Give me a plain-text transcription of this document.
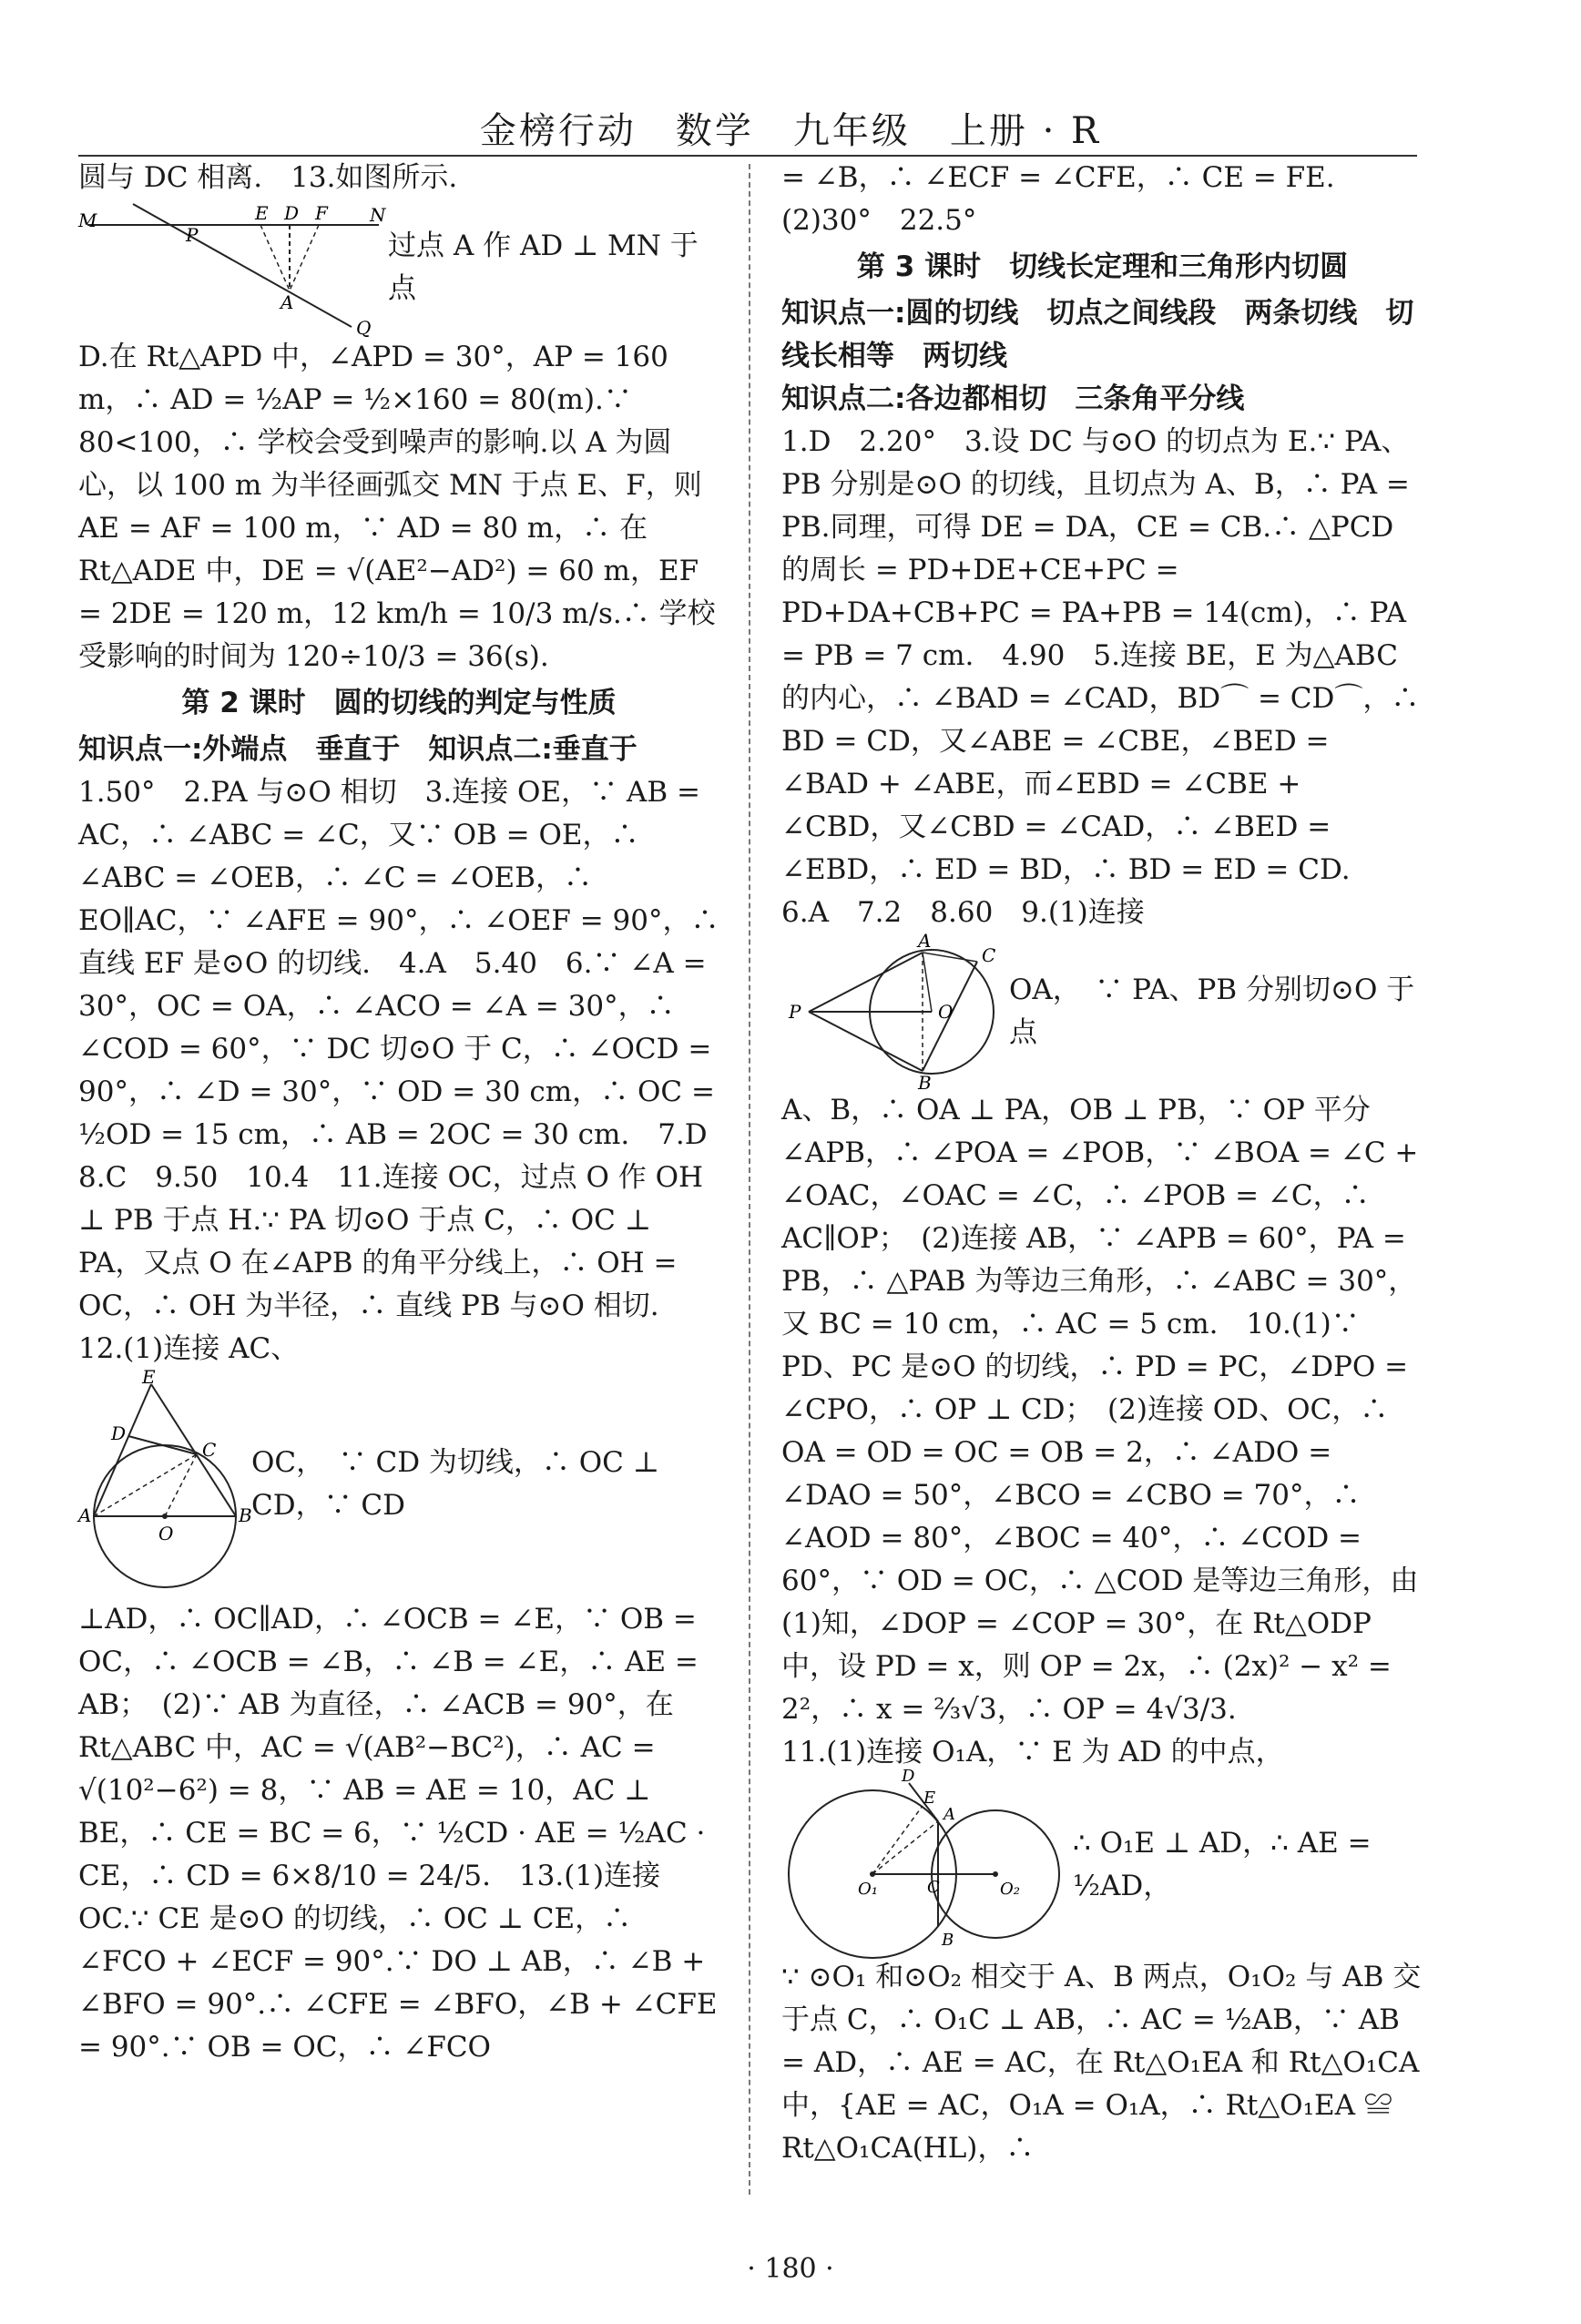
金榜行动　数学　九年级　上册 · R

圆与 DC 相离.　13.如图所示.

M	N
P
E D F
A
Q
过点 A 作 AD ⊥ MN 于点

D.在 Rt△APD 中，∠APD = 30°，AP = 160 m，∴ AD = ½AP = ½×160 = 80(m).∵ 80<100，∴ 学校会受到噪声的影响.以 A 为圆心，以 100 m 为半径画弧交 MN 于点 E、F，则 AE = AF = 100 m，∵ AD = 80 m，∴ 在 Rt△ADE 中，DE = √(AE²−AD²) = 60 m，EF = 2DE = 120 m，12 km/h = 10/3 m/s.∴ 学校受影响的时间为 120÷10/3 = 36(s).

第 2 课时　圆的切线的判定与性质

知识点一:外端点　垂直于　知识点二:垂直于

1.50°　2.PA 与⊙O 相切　3.连接 OE，∵ AB = AC，∴ ∠ABC = ∠C，又∵ OB = OE，∴ ∠ABC = ∠OEB，∴ ∠C = ∠OEB，∴ EO∥AC，∵ ∠AFE = 90°，∴ ∠OEF = 90°，∴ 直线 EF 是⊙O 的切线.　4.A　5.40　6.∵ ∠A = 30°，OC = OA，∴ ∠ACO = ∠A = 30°，∴ ∠COD = 60°，∵ DC 切⊙O 于 C，∴ ∠OCD = 90°，∴ ∠D = 30°，∵ OD = 30 cm，∴ OC = ½OD = 15 cm，∴ AB = 2OC = 30 cm.　7.D　8.C　9.50　10.4　11.连接 OC，过点 O 作 OH ⊥ PB 于点 H.∵ PA 切⊙O 于点 C，∴ OC ⊥ PA，又点 O 在∠APB 的角平分线上，∴ OH = OC，∴ OH 为半径，∴ 直线 PB 与⊙O 相切.　12.(1)连接 AC、

E
D
C
A	B
O
OC，　∵ CD 为切线，∴ OC ⊥ CD，∵ CD

⊥AD，∴ OC∥AD，∴ ∠OCB = ∠E，∵ OB = OC，∴ ∠OCB = ∠B，∴ ∠B = ∠E，∴ AE = AB；　(2)∵ AB 为直径，∴ ∠ACB = 90°，在 Rt△ABC 中，AC = √(AB²−BC²)，∴ AC = √(10²−6²) = 8，∵ AB = AE = 10，AC ⊥ BE，∴ CE = BC = 6，∵ ½CD · AE = ½AC · CE，∴ CD = 6×8/10 = 24/5.　13.(1)连接 OC.∵ CE 是⊙O 的切线，∴ OC ⊥ CE，∴ ∠FCO + ∠ECF = 90°.∵ DO ⊥ AB，∴ ∠B + ∠BFO = 90°.∴ ∠CFE = ∠BFO，∠B + ∠CFE = 90°.∵ OB = OC，∴ ∠FCO

= ∠B，∴ ∠ECF = ∠CFE，∴ CE = FE.　(2)30°　22.5°

第 3 课时　切线长定理和三角形内切圆

知识点一:圆的切线　切点之间线段　两条切线　切线长相等　两切线

知识点二:各边都相切　三条角平分线

1.D　2.20°　3.设 DC 与⊙O 的切点为 E.∵ PA、PB 分别是⊙O 的切线，且切点为 A、B，∴ PA = PB.同理，可得 DE = DA，CE = CB.∴ △PCD 的周长 = PD+DE+CE+PC = PD+DA+CB+PC = PA+PB = 14(cm)，∴ PA = PB = 7 cm.　4.90　5.连接 BE，E 为△ABC 的内心，∴ ∠BAD = ∠CAD，BD⌒ = CD⌒，∴ BD = CD，又∠ABE = ∠CBE，∠BED = ∠BAD + ∠ABE，而∠EBD = ∠CBE + ∠CBD，又∠CBD = ∠CAD，∴ ∠BED = ∠EBD，∴ ED = BD，∴ BD = ED = CD.　6.A　7.2　8.60　9.(1)连接

P
A
C
O
B
OA，　∵ PA、PB 分别切⊙O 于点

A、B，∴ OA ⊥ PA，OB ⊥ PB，∵ OP 平分∠APB，∴ ∠POA = ∠POB，∵ ∠BOA = ∠C + ∠OAC，∠OAC = ∠C，∴ ∠POB = ∠C，∴ AC∥OP；　(2)连接 AB，∵ ∠APB = 60°，PA = PB，∴ △PAB 为等边三角形，∴ ∠ABC = 30°，又 BC = 10 cm，∴ AC = 5 cm.　10.(1)∵ PD、PC 是⊙O 的切线，∴ PD = PC，∠DPO = ∠CPO，∴ OP ⊥ CD；　(2)连接 OD、OC，∴ OA = OD = OC = OB = 2，∴ ∠ADO = ∠DAO = 50°，∠BCO = ∠CBO = 70°，∴ ∠AOD = 80°，∠BOC = 40°，∴ ∠COD = 60°，∵ OD = OC，∴ △COD 是等边三角形，由(1)知，∠DOP = ∠COP = 30°，在 Rt△ODP 中，设 PD = x，则 OP = 2x，∴ (2x)² − x² = 2²，∴ x = ⅔√3，∴ OP = 4√3/3.

11.(1)连接 O₁A，∵ E 为 AD 的中点，

D
E
A
O₁	O₂
C
B
∴ O₁E ⊥ AD，∴ AE = ½AD，

∵ ⊙O₁ 和⊙O₂ 相交于 A、B 两点，O₁O₂ 与 AB 交于点 C，∴ O₁C ⊥ AB，∴ AC = ½AB，∵ AB = AD，∴ AE = AC，在 Rt△O₁EA 和 Rt△O₁CA 中，{AE = AC，O₁A = O₁A，∴ Rt△O₁EA ≌ Rt△O₁CA(HL)，∴

· 180 ·
